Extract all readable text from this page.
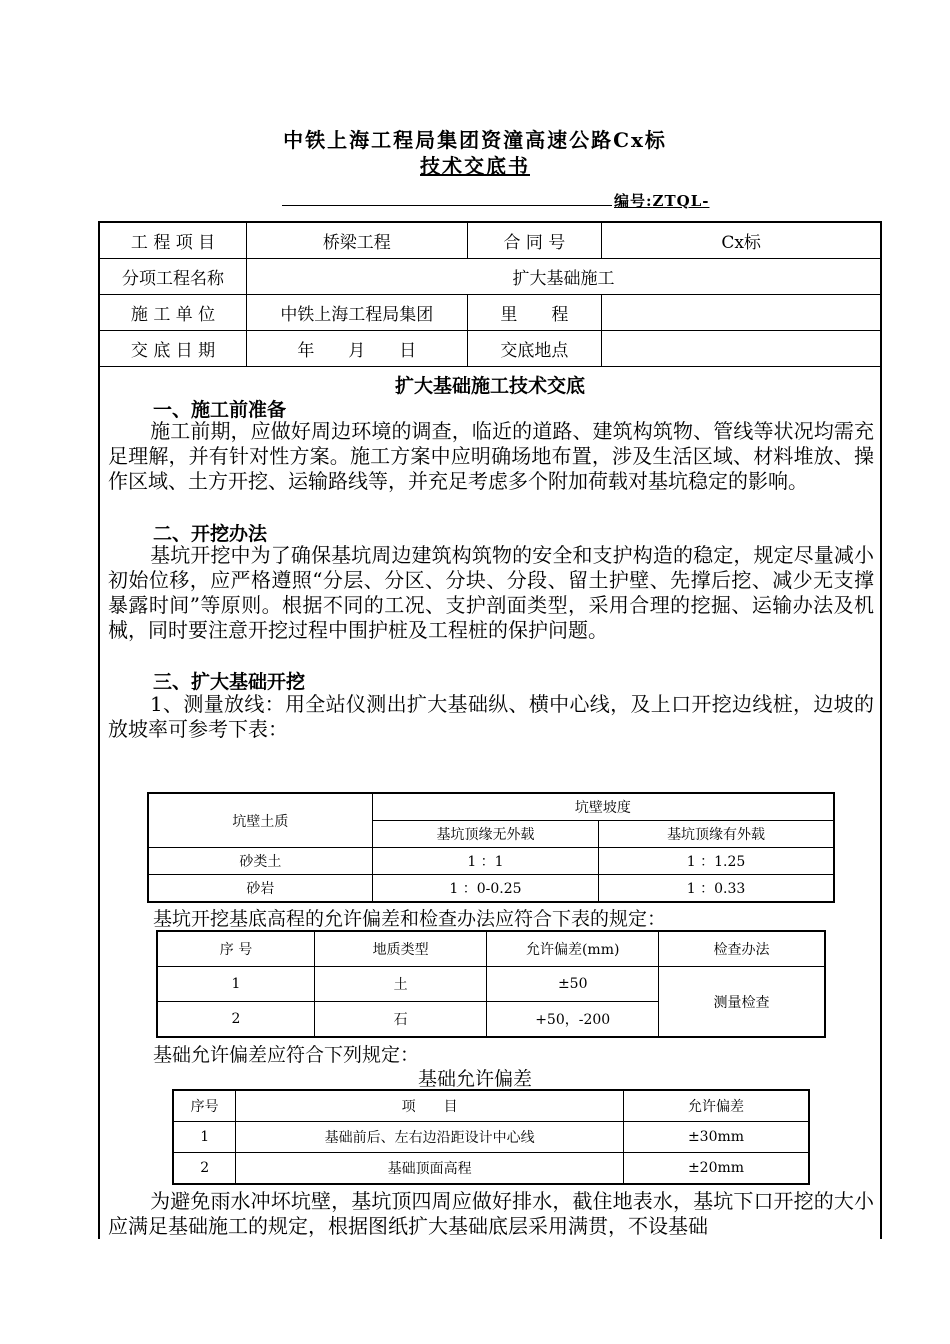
中铁上海工程局集团资潼高速公路Cx标
技术交底书
编号:ZTQL-
工 程 项 目	桥梁工程	合 同 号	Cx标
分项工程名称	扩大基础施工		
施 工 单 位	中铁上海工程局集团	里　　程	
交 底 日 期	年　　月　　日	交底地点	
扩大基础施工技术交底
一、施工前准备
施工前期，应做好周边环境的调查，临近的道路、建筑构筑物、管线等状况均需充足理解，并有针对性方案。施工方案中应明确场地布置，涉及生活区域、材料堆放、操作区域、土方开挖、运输路线等，并充足考虑多个附加荷载对基坑稳定的影响。
二、开挖办法
基坑开挖中为了确保基坑周边建筑构筑物的安全和支护构造的稳定，规定尽量减小初始位移，应严格遵照“分层、分区、分块、分段、留土护壁、先撑后挖、减少无支撑暴露时间”等原则。根据不同的工况、支护剖面类型，采用合理的挖掘、运输办法及机械，同时要注意开挖过程中围护桩及工程桩的保护问题。
三、扩大基础开挖
1、测量放线：用全站仪测出扩大基础纵、横中心线，及上口开挖边线桩，边坡的放坡率可参考下表：
坑壁土质	坑壁坡度	
	基坑顶缘无外载	基坑顶缘有外载
砂类土	1 ：1	1 ：1.25
砂岩	1 ：0-0.25	1 ：0.33
基坑开挖基底高程的允许偏差和检查办法应符合下表的规定：
序 号	地质类型	允许偏差(mm)	检查办法
1	土	±50	测量检查
2	石	+50，-200	
基础允许偏差应符合下列规定：
基础允许偏差
序号	项　　目	允许偏差
1	基础前后、左右边沿距设计中心线	±30mm
2	基础顶面高程	±20mm
为避免雨水冲坏坑壁，基坑顶四周应做好排水，截住地表水，基坑下口开挖的大小应满足基础施工的规定，根据图纸扩大基础底层采用满贯，不设基础
